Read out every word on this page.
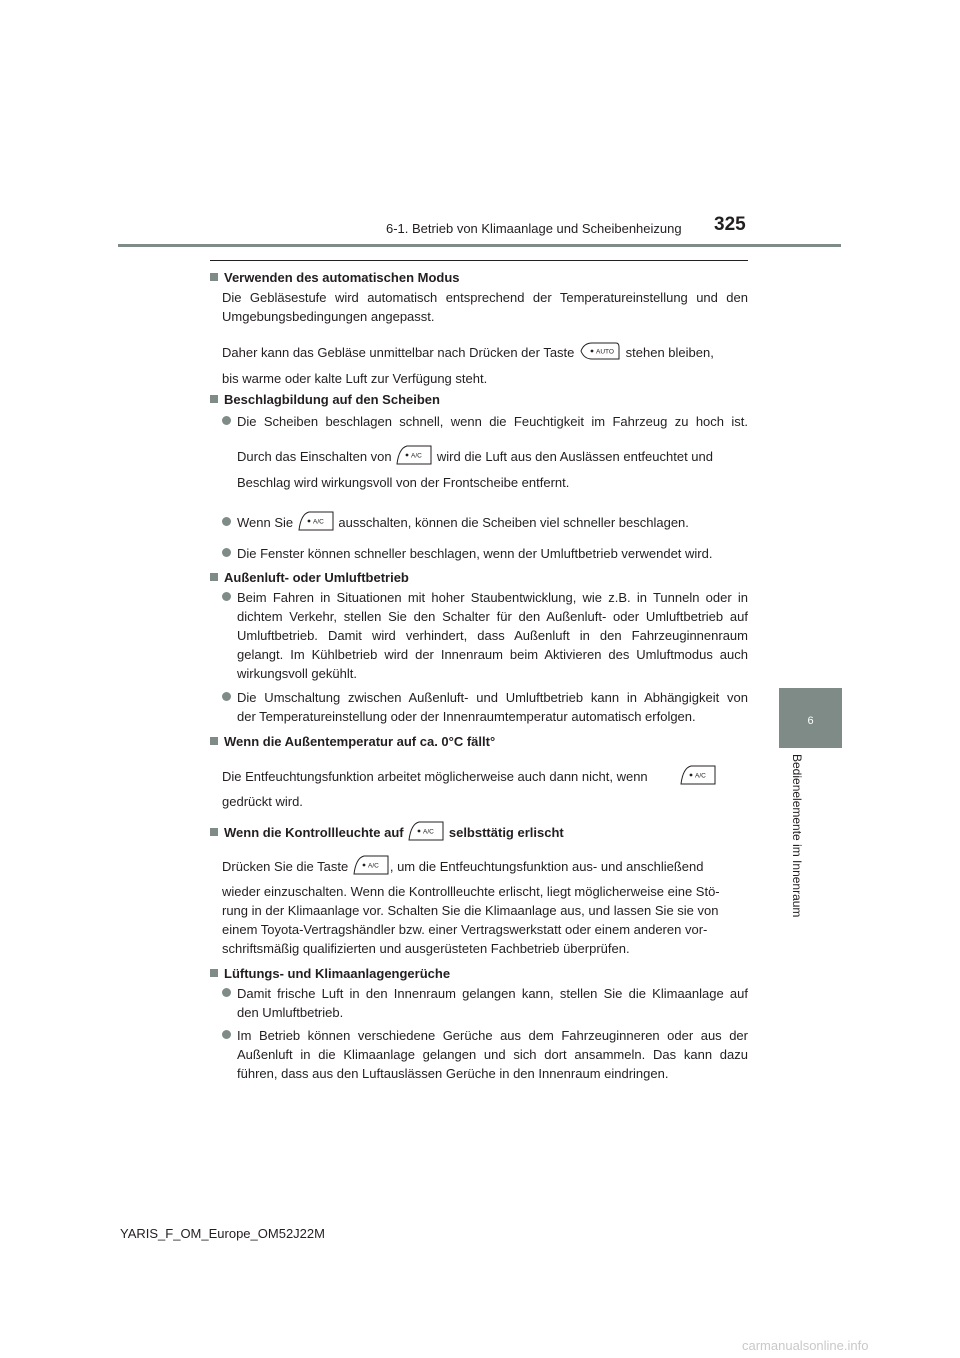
6-1. Betrieb von Klimaanlage und Scheibenheizung 325
6
Bedienelemente im Innenraum
Verwenden des automatischen Modus
Die Gebläsestufe wird automatisch entsprechend der Temperatureinstellung und den
Umgebungsbedingungen angepasst.
Daher kann das Gebläse unmittelbar nach Drücken der Taste	AUTO stehen bleiben,
bis warme oder kalte Luft zur Verfügung steht.
Beschlagbildung auf den Scheiben
Die Scheiben beschlagen schnell, wenn die Feuchtigkeit im Fahrzeug zu hoch ist.
Durch das Einschalten von	A/C wird die Luft aus den Auslässen entfeuchtet und
Beschlag wird wirkungsvoll von der Frontscheibe entfernt.
Wenn Sie	A/C ausschalten, können die Scheiben viel schneller beschlagen.
Die Fenster können schneller beschlagen, wenn der Umluftbetrieb verwendet wird.
Außenluft- oder Umluftbetrieb
Beim Fahren in Situationen mit hoher Staubentwicklung, wie z.B. in Tunneln oder in
dichtem Verkehr, stellen Sie den Schalter für den Außenluft- oder Umluftbetrieb auf
Umluftbetrieb. Damit wird verhindert, dass Außenluft in den Fahrzeuginnenraum
gelangt. Im Kühlbetrieb wird der Innenraum beim Aktivieren des Umluftmodus auch
wirkungsvoll gekühlt.
Die Umschaltung zwischen Außenluft- und Umluftbetrieb kann in Abhängigkeit von
der Temperatureinstellung oder der Innenraumtemperatur automatisch erfolgen.
Wenn die Außentemperatur auf ca. 0°C fällt°
Die Entfeuchtungsfunktion arbeitet möglicherweise auch dann nicht, wenn	A/C
gedrückt wird.
Wenn die Kontrollleuchte auf	A/C selbsttätig erlischt
Drücken Sie die Taste	A/C , um die Entfeuchtungsfunktion aus- und anschließend
wieder einzuschalten. Wenn die Kontrollleuchte erlischt, liegt möglicherweise eine Stö-
rung in der Klimaanlage vor. Schalten Sie die Klimaanlage aus, und lassen Sie sie von
einem Toyota-Vertragshändler bzw. einer Vertragswerkstatt oder einem anderen vor-
schriftsmäßig qualifizierten und ausgerüsteten Fachbetrieb überprüfen.
Lüftungs- und Klimaanlagengerüche
Damit frische Luft in den Innenraum gelangen kann, stellen Sie die Klimaanlage auf
den Umluftbetrieb.
Im Betrieb können verschiedene Gerüche aus dem Fahrzeuginneren oder aus der
Außenluft in die Klimaanlage gelangen und sich dort ansammeln. Das kann dazu
führen, dass aus den Luftauslässen Gerüche in den Innenraum eindringen.
YARIS_F_OM_Europe_OM52J22M
carmanualsonline.info
